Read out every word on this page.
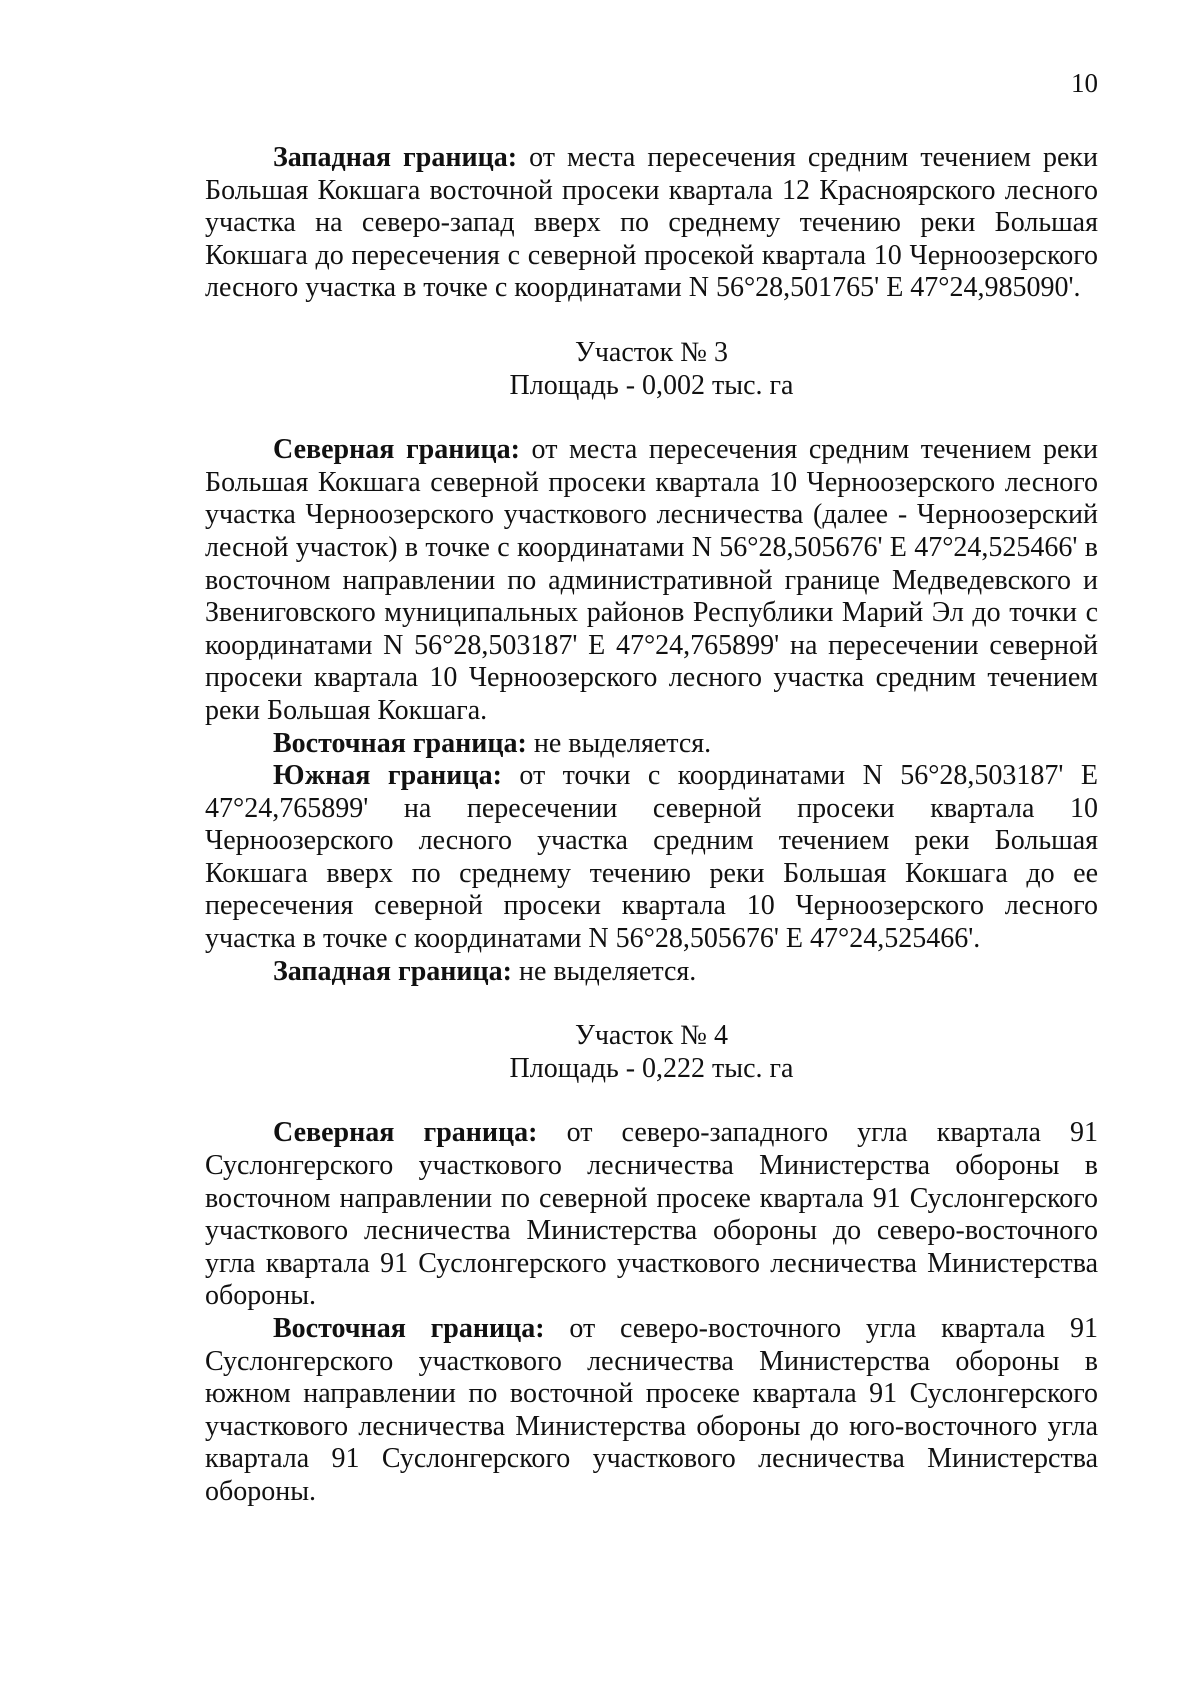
10

Западная граница: от места пересечения средним течением реки Большая Кокшага восточной просеки квартала 12 Красноярского лесного участка на северо-запад вверх по среднему течению реки Большая Кокшага до пересечения с северной просекой квартала 10 Черноозерского лесного участка в точке с координатами N 56°28,501765' E 47°24,985090'.

Участок № 3
Площадь - 0,002 тыс. га

Северная граница: от места пересечения средним течением реки Большая Кокшага северной просеки квартала 10 Черноозерского лесного участка Черноозерского участкового лесничества (далее - Черноозерский лесной участок) в точке с координатами N 56°28,505676' E 47°24,525466' в восточном направлении по административной границе Медведевского и Звениговского муниципальных районов Республики Марий Эл до точки с координатами N 56°28,503187' E 47°24,765899' на пересечении северной просеки квартала 10 Черноозерского лесного участка средним течением реки Большая Кокшага.

Восточная граница: не выделяется.

Южная граница: от точки с координатами N 56°28,503187' E 47°24,765899' на пересечении северной просеки квартала 10 Черноозерского лесного участка средним течением реки Большая Кокшага вверх по среднему течению реки Большая Кокшага до ее пересечения северной просеки квартала 10 Черноозерского лесного участка в точке с координатами N 56°28,505676' E 47°24,525466'.

Западная граница: не выделяется.

Участок № 4
Площадь - 0,222 тыс. га

Северная граница: от северо-западного угла квартала 91 Суслонгерского участкового лесничества Министерства обороны в восточном направлении по северной просеке квартала 91 Суслонгерского участкового лесничества Министерства обороны до северо-восточного угла квартала 91 Суслонгерского участкового лесничества Министерства обороны.

Восточная граница: от северо-восточного угла квартала 91 Суслонгерского участкового лесничества Министерства обороны в южном направлении по восточной просеке квартала 91 Суслонгерского участкового лесничества Министерства обороны до юго-восточного угла квартала 91 Суслонгерского участкового лесничества Министерства обороны.
